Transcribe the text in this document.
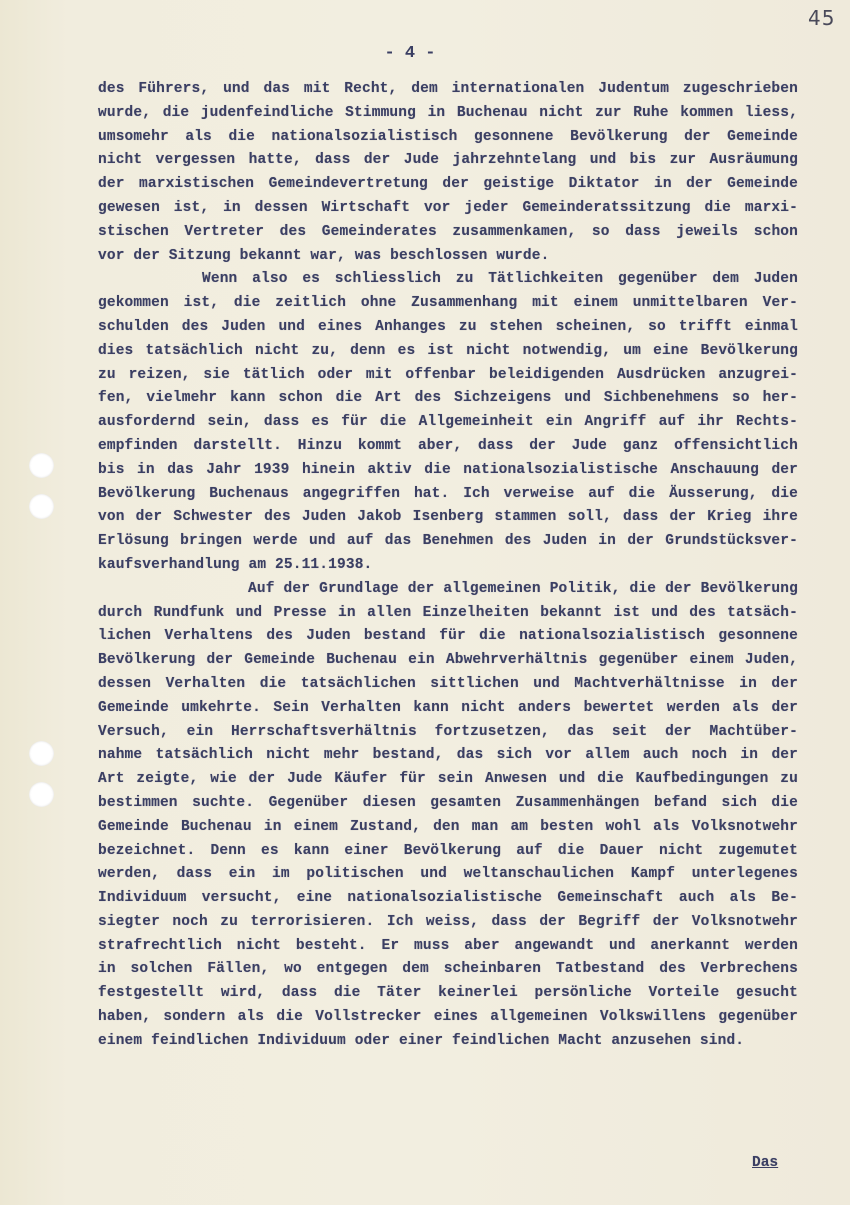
45
- 4 -
des Führers, und das mit Recht, dem internationalen Judentum zugeschrieben
wurde, die judenfeindliche Stimmung in Buchenau nicht zur Ruhe kommen liess,
umsomehr als die nationalsozialistisch gesonnene Bevölkerung der Gemeinde
nicht vergessen hatte, dass der Jude jahrzehntelang und bis zur Ausräumung
der marxistischen Gemeindevertretung der geistige Diktator in der Gemeinde
gewesen ist, in dessen Wirtschaft vor jeder Gemeinderatssitzung die marxi-
stischen Vertreter des Gemeinderates zusammenkamen, so dass jeweils schon
vor der Sitzung bekannt war, was beschlossen wurde.
Wenn also es schliesslich zu Tätlichkeiten gegenüber dem Juden
gekommen ist, die zeitlich ohne Zusammenhang mit einem unmittelbaren Ver-
schulden des Juden und eines Anhanges zu stehen scheinen, so trifft einmal
dies tatsächlich nicht zu, denn es ist nicht notwendig, um eine Bevölkerung
zu reizen, sie tätlich oder mit offenbar beleidigenden Ausdrücken anzugrei-
fen, vielmehr kann schon die Art des Sichzeigens und Sichbenehmens so her-
ausfordernd sein, dass es für die Allgemeinheit ein Angriff auf ihr Rechts-
empfinden darstellt. Hinzu kommt aber, dass der Jude ganz offensichtlich
bis in das Jahr 1939 hinein aktiv die nationalsozialistische Anschauung der
Bevölkerung Buchenaus angegriffen hat. Ich verweise auf die Äusserung, die
von der Schwester des Juden Jakob Isenberg stammen soll, dass der Krieg ihre
Erlösung bringen werde und auf das Benehmen des Juden in der Grundstücksver-
kaufsverhandlung am 25.11.1938.
Auf der Grundlage der allgemeinen Politik, die der Bevölkerung
durch Rundfunk und Presse in allen Einzelheiten bekannt ist und des tatsäch-
lichen Verhaltens des Juden bestand für die nationalsozialistisch gesonnene
Bevölkerung der Gemeinde Buchenau ein Abwehrverhältnis gegenüber einem Juden,
dessen Verhalten die tatsächlichen sittlichen und Machtverhältnisse in der
Gemeinde umkehrte. Sein Verhalten kann nicht anders bewertet werden als der
Versuch, ein Herrschaftsverhältnis fortzusetzen, das seit der Machtüber-
nahme tatsächlich nicht mehr bestand, das sich vor allem auch noch in der
Art zeigte, wie der Jude Käufer für sein Anwesen und die Kaufbedingungen zu
bestimmen suchte. Gegenüber diesen gesamten Zusammenhängen befand sich die
Gemeinde Buchenau in einem Zustand, den man am besten wohl als Volksnotwehr
bezeichnet. Denn es kann einer Bevölkerung auf die Dauer nicht zugemutet
werden, dass ein im politischen und weltanschaulichen Kampf unterlegenes
Individuum versucht, eine nationalsozialistische Gemeinschaft auch als Be-
siegter noch zu terrorisieren. Ich weiss, dass der Begriff der Volksnotwehr
strafrechtlich nicht besteht. Er muss aber angewandt und anerkannt werden
in solchen Fällen, wo entgegen dem scheinbaren Tatbestand des Verbrechens
festgestellt wird, dass die Täter keinerlei persönliche Vorteile gesucht
haben, sondern als die Vollstrecker eines allgemeinen Volkswillens gegenüber
einem feindlichen Individuum oder einer feindlichen Macht anzusehen sind.
Das
